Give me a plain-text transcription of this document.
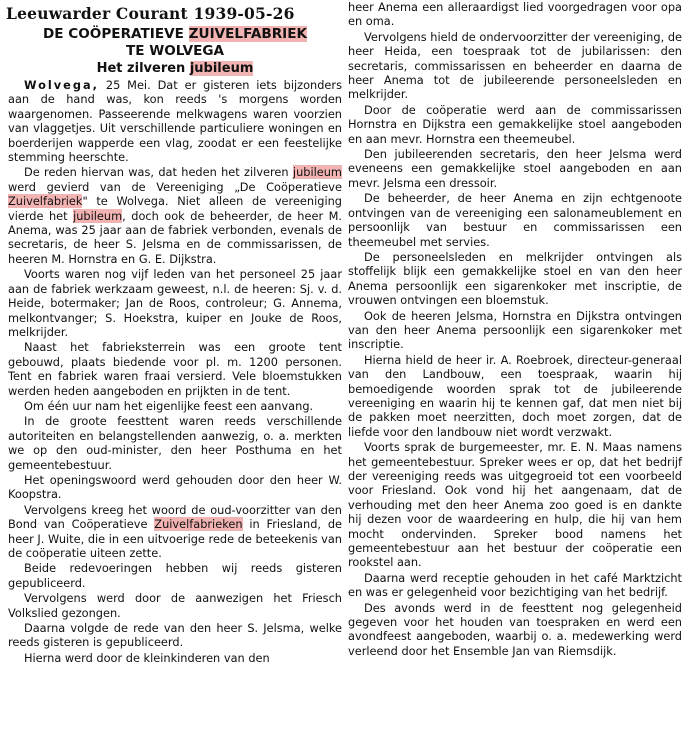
Leeuwarder Courant 1939-05-26
DE COÖPERATIEVE ZUIVELFABRIEK
TE WOLVEGA
Het zilveren jubileum

Wolvega, 25 Mei. Dat er gisteren iets bijzonders aan de hand was, kon reeds 's morgens worden waargenomen. Passeerende melkwagens waren voorzien van vlaggetjes. Uit verschillende particuliere woningen en boerderijen wapperde een vlag, zoodat er een feestelijke stemming heerschte.

De reden hiervan was, dat heden het zilveren jubileum werd gevierd van de Vereeniging „De Coöperatieve Zuivelfabriek" te Wolvega. Niet alleen de vereeniging vierde het jubileum, doch ook de beheerder, de heer M. Anema, was 25 jaar aan de fabriek verbonden, evenals de secretaris, de heer S. Jelsma en de commissarissen, de heeren M. Hornstra en G. E. Dijkstra.

Voorts waren nog vijf leden van het personeel 25 jaar aan de fabriek werkzaam geweest, n.l. de heeren: Sj. v. d. Heide, botermaker; Jan de Roos, controleur; G. Annema, melkontvanger; S. Hoekstra, kuiper en Jouke de Roos, melkrijder.

Naast het fabrieksterrein was een groote tent gebouwd, plaats biedende voor pl. m. 1200 personen. Tent en fabriek waren fraai versierd. Vele bloemstukken werden heden aangeboden en prijkten in de tent.

Om één uur nam het eigenlijke feest een aanvang.

In de groote feesttent waren reeds verschillende autoriteiten en belangstellenden aanwezig, o. a. merkten we op den oud-minister, den heer Posthuma en het gemeentebestuur.

Het openingswoord werd gehouden door den heer W. Koopstra.

Vervolgens kreeg het woord de oud-voorzitter van den Bond van Coöperatieve Zuivelfabrieken in Friesland, de heer J. Wuite, die in een uitvoerige rede de beteekenis van de coöperatie uiteen zette.

Beide redevoeringen hebben wij reeds gisteren gepubliceerd.

Vervolgens werd door de aanwezigen het Friesch Volkslied gezongen.

Daarna volgde de rede van den heer S. Jelsma, welke reeds gisteren is gepubliceerd.

Hierna werd door de kleinkinderen van den

heer Anema een alleraardigst lied voorgedragen voor opa en oma.

Vervolgens hield de ondervoorzitter der vereeniging, de heer Heida, een toespraak tot de jubilarissen: den secretaris, commissarissen en beheerder en daarna de heer Anema tot de jubileerende personeelsleden en melkrijder.

Door de coöperatie werd aan de commissarissen Hornstra en Dijkstra een gemakkelijke stoel aangeboden en aan mevr. Hornstra een theemeubel.

Den jubileerenden secretaris, den heer Jelsma werd eveneens een gemakkelijke stoel aangeboden en aan mevr. Jelsma een dressoir.

De beheerder, de heer Anema en zijn echtgenoote ontvingen van de vereeniging een salonameublement en persoonlijk van bestuur en commissarissen een theemeubel met servies.

De personeelsleden en melkrijder ontvingen als stoffelijk blijk een gemakkelijke stoel en van den heer Anema persoonlijk een sigarenkoker met inscriptie, de vrouwen ontvingen een bloemstuk.

Ook de heeren Jelsma, Hornstra en Dijkstra ontvingen van den heer Anema persoonlijk een sigarenkoker met inscriptie.

Hierna hield de heer ir. A. Roebroek, directeur-generaal van den Landbouw, een toespraak, waarin hij bemoedigende woorden sprak tot de jubileerende vereeniging en waarin hij te kennen gaf, dat men niet bij de pakken moet neerzitten, doch moet zorgen, dat de liefde voor den landbouw niet wordt verzwakt.

Voorts sprak de burgemeester, mr. E. N. Maas namens het gemeentebestuur. Spreker wees er op, dat het bedrijf der vereeniging reeds was uitgegroeid tot een voorbeeld voor Friesland. Ook vond hij het aangenaam, dat de verhouding met den heer Anema zoo goed is en dankte hij dezen voor de waardeering en hulp, die hij van hem mocht ondervinden. Spreker bood namens het gemeentebestuur aan het bestuur der coöperatie een rookstel aan.

Daarna werd receptie gehouden in het café Marktzicht en was er gelegenheid voor bezichtiging van het bedrijf.

Des avonds werd in de feesttent nog gelegenheid gegeven voor het houden van toespraken en werd een avondfeest aangeboden, waarbij o. a. medewerking werd verleend door het Ensemble Jan van Riemsdijk.
